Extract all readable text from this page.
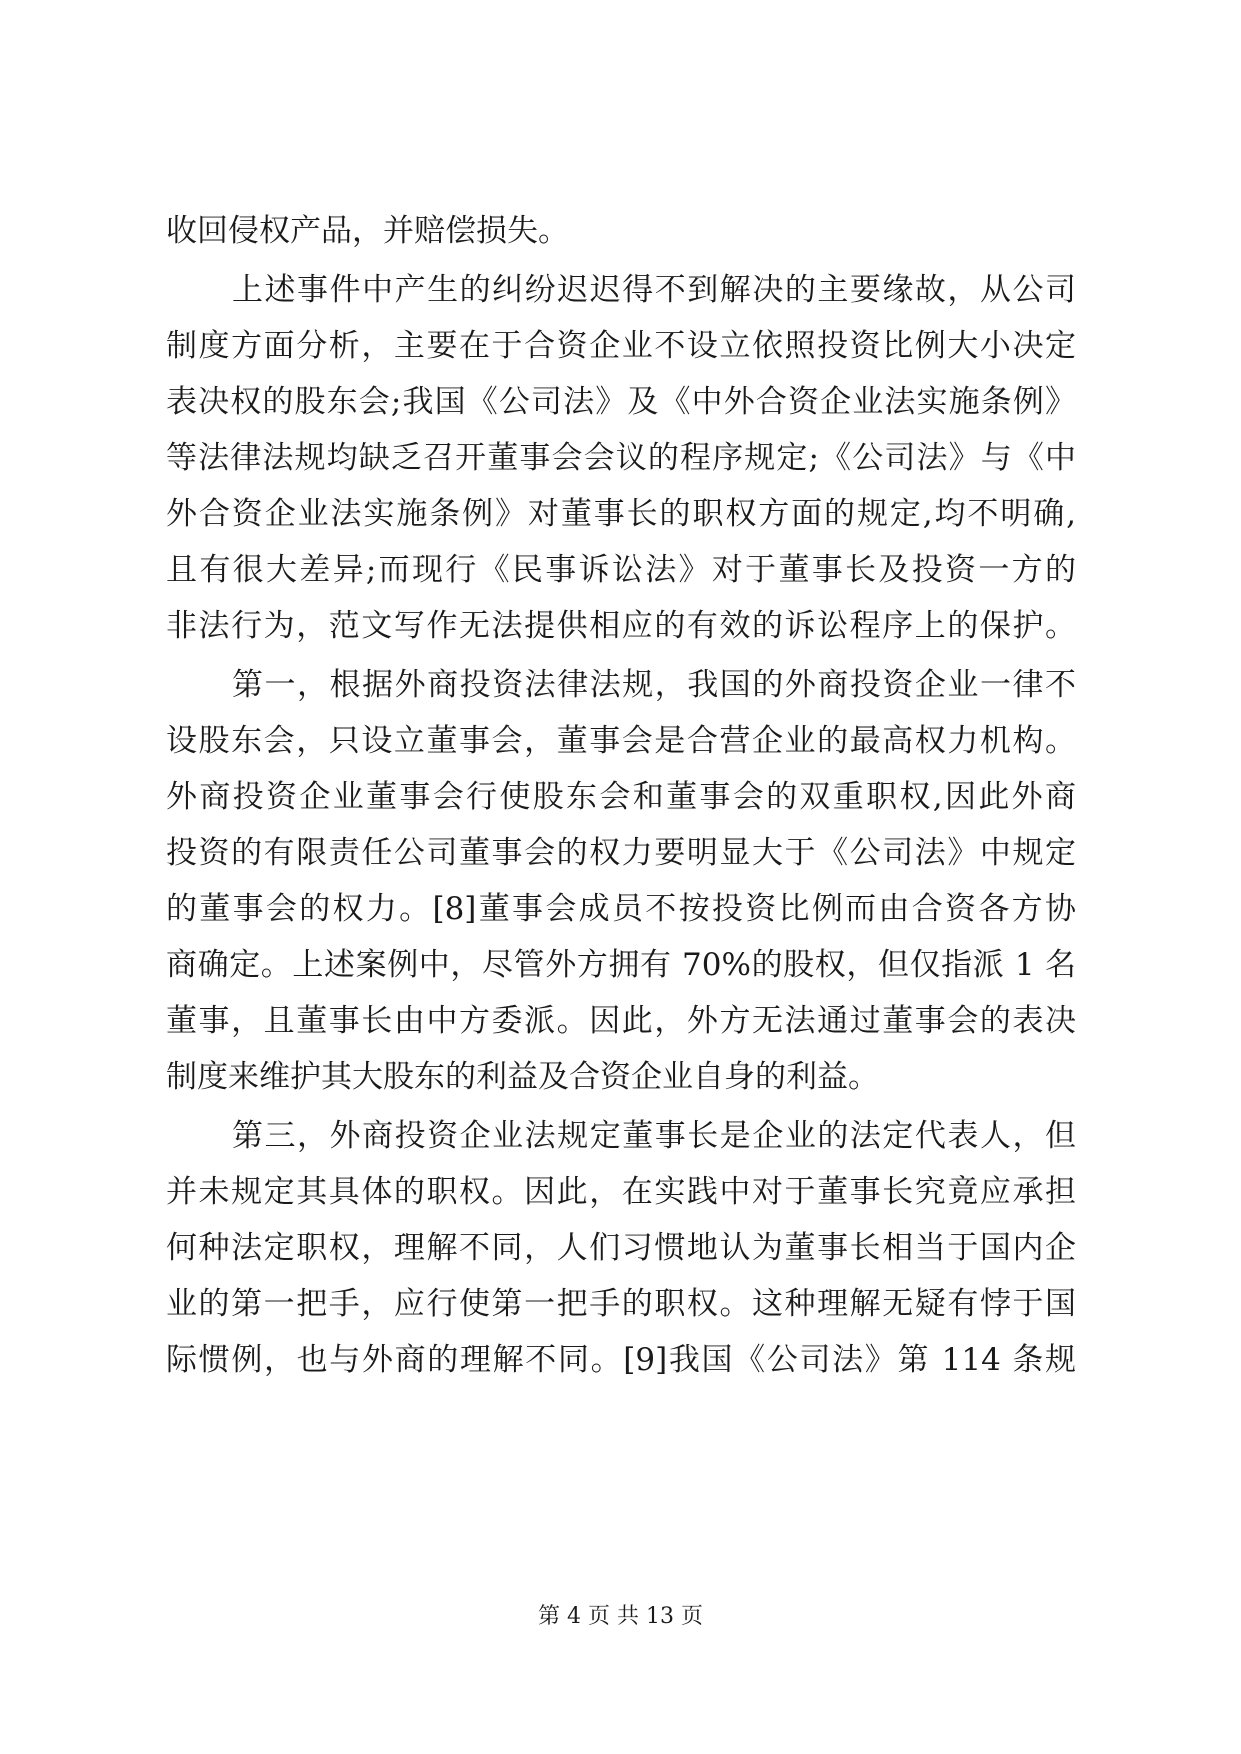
收回侵权产品，并赔偿损失。
上述事件中产生的纠纷迟迟得不到解决的主要缘故，从公司
制度方面分析，主要在于合资企业不设立依照投资比例大小决定
表决权的股东会;我国《公司法》及《中外合资企业法实施条例》
等法律法规均缺乏召开董事会会议的程序规定;《公司法》与《中
外合资企业法实施条例》对董事长的职权方面的规定,均不明确,
且有很大差异;而现行《民事诉讼法》对于董事长及投资一方的
非法行为，范文写作无法提供相应的有效的诉讼程序上的保护。
第一，根据外商投资法律法规，我国的外商投资企业一律不
设股东会，只设立董事会，董事会是合营企业的最高权力机构。
外商投资企业董事会行使股东会和董事会的双重职权,因此外商
投资的有限责任公司董事会的权力要明显大于《公司法》中规定
的董事会的权力。[8]董事会成员不按投资比例而由合资各方协
商确定。上述案例中，尽管外方拥有 70%的股权，但仅指派 1 名
董事，且董事长由中方委派。因此，外方无法通过董事会的表决
制度来维护其大股东的利益及合资企业自身的利益。
第三，外商投资企业法规定董事长是企业的法定代表人，但
并未规定其具体的职权。因此，在实践中对于董事长究竟应承担
何种法定职权，理解不同，人们习惯地认为董事长相当于国内企
业的第一把手，应行使第一把手的职权。这种理解无疑有悖于国
际惯例，也与外商的理解不同。[9]我国《公司法》第 114 条规
第 4 页 共 13 页
